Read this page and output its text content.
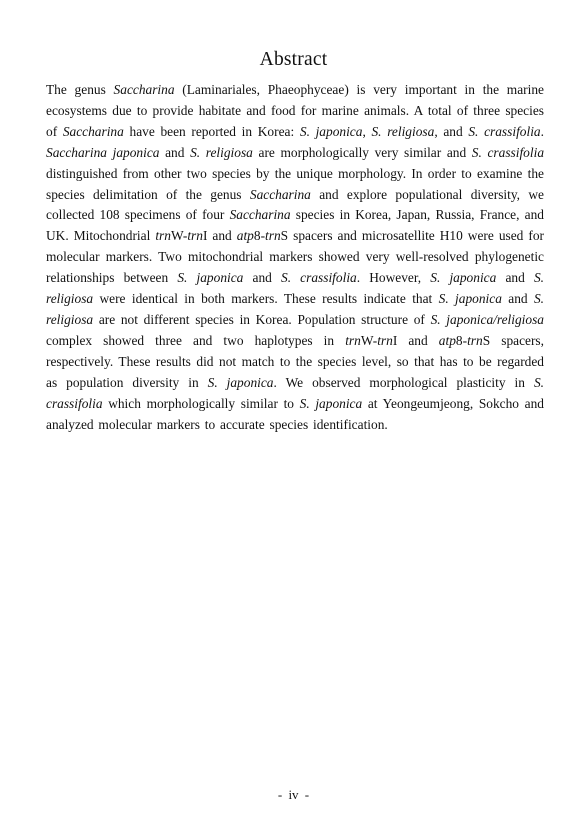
Abstract

The genus Saccharina (Laminariales, Phaeophyceae) is very important in the marine ecosystems due to provide habitate and food for marine animals. A total of three species of Saccharina have been reported in Korea: S. japonica, S. religiosa, and S. crassifolia. Saccharina japonica and S. religiosa are morphologically very similar and S. crassifolia distinguished from other two species by the unique morphology. In order to examine the species delimitation of the genus Saccharina and explore populational diversity, we collected 108 specimens of four Saccharina species in Korea, Japan, Russia, France, and UK. Mitochondrial trnW-trnI and atp8-trnS spacers and microsatellite H10 were used for molecular markers. Two mitochondrial markers showed very well-resolved phylogenetic relationships between S. japonica and S. crassifolia. However, S. japonica and S. religiosa were identical in both markers. These results indicate that S. japonica and S. religiosa are not different species in Korea. Population structure of S. japonica/religiosa complex showed three and two haplotypes in trnW-trnI and atp8-trnS spacers, respectively. These results did not match to the species level, so that has to be regarded as population diversity in S. japonica. We observed morphological plasticity in S. crassifolia which morphologically similar to S. japonica at Yeongeumjeong, Sokcho and analyzed molecular markers to accurate species identification.

- iv -
